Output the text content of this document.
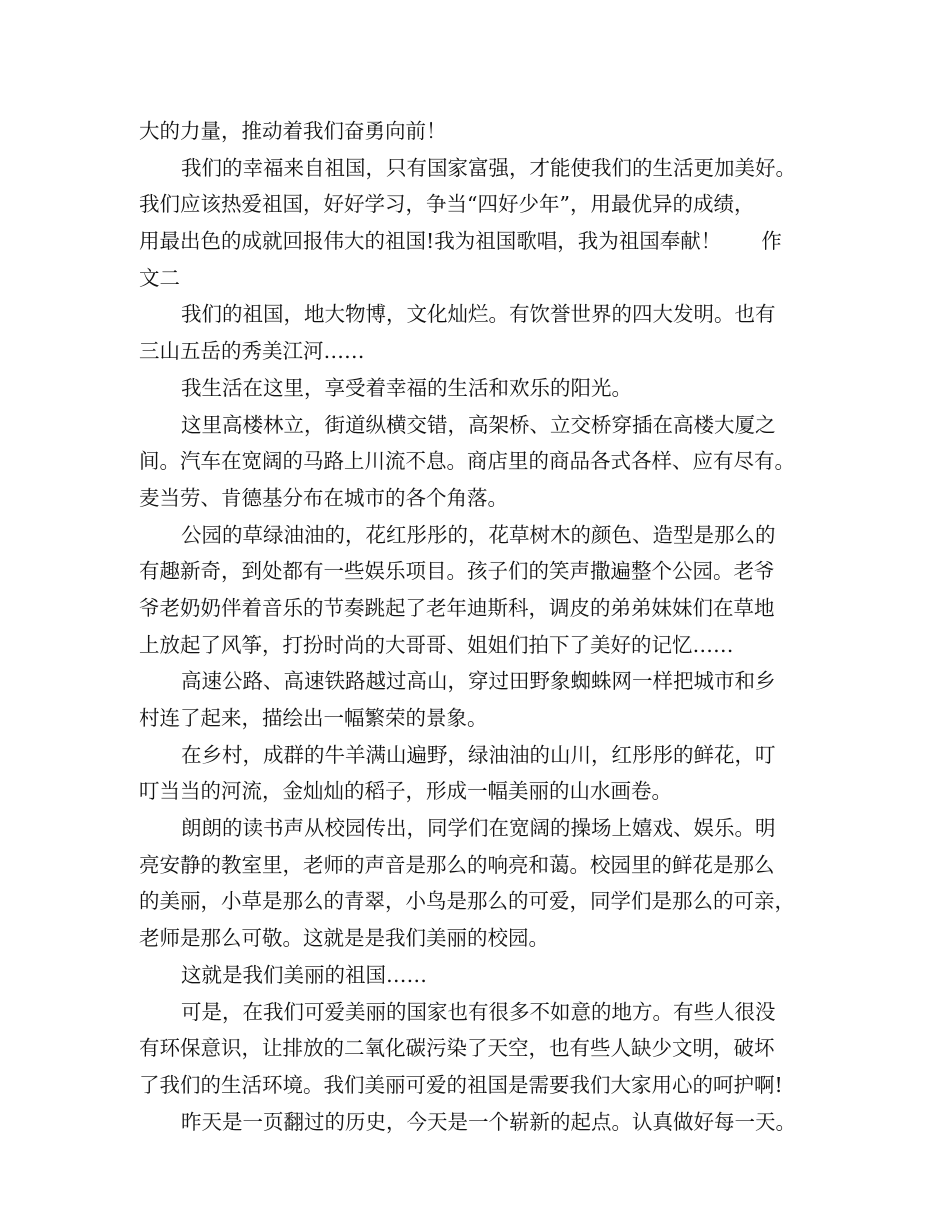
大的力量，推动着我们奋勇向前！
我们的幸福来自祖国，只有国家富强，才能使我们的生活更加美好。
我们应该热爱祖国，好好学习，争当“四好少年”，用最优异的成绩，
用最出色的成就回报伟大的祖国!我为祖国歌唱，我为祖国奉献！ 作
文二
我们的祖国，地大物博，文化灿烂。有饮誉世界的四大发明。也有
三山五岳的秀美江河……
我生活在这里，享受着幸福的生活和欢乐的阳光。
这里高楼林立，街道纵横交错，高架桥、立交桥穿插在高楼大厦之
间。汽车在宽阔的马路上川流不息。商店里的商品各式各样、应有尽有。
麦当劳、肯德基分布在城市的各个角落。
公园的草绿油油的，花红彤彤的，花草树木的颜色、造型是那么的
有趣新奇，到处都有一些娱乐项目。孩子们的笑声撒遍整个公园。老爷
爷老奶奶伴着音乐的节奏跳起了老年迪斯科，调皮的弟弟妹妹们在草地
上放起了风筝，打扮时尚的大哥哥、姐姐们拍下了美好的记忆……
高速公路、高速铁路越过高山，穿过田野象蜘蛛网一样把城市和乡
村连了起来，描绘出一幅繁荣的景象。
在乡村，成群的牛羊满山遍野，绿油油的山川，红彤彤的鲜花，叮
叮当当的河流，金灿灿的稻子，形成一幅美丽的山水画卷。
朗朗的读书声从校园传出，同学们在宽阔的操场上嬉戏、娱乐。明
亮安静的教室里，老师的声音是那么的响亮和蔼。校园里的鲜花是那么
的美丽，小草是那么的青翠，小鸟是那么的可爱，同学们是那么的可亲，
老师是那么可敬。这就是是我们美丽的校园。
这就是我们美丽的祖国……
可是，在我们可爱美丽的国家也有很多不如意的地方。有些人很没
有环保意识，让排放的二氧化碳污染了天空，也有些人缺少文明，破坏
了我们的生活环境。我们美丽可爱的祖国是需要我们大家用心的呵护啊!
昨天是一页翻过的历史，今天是一个崭新的起点。认真做好每一天。
